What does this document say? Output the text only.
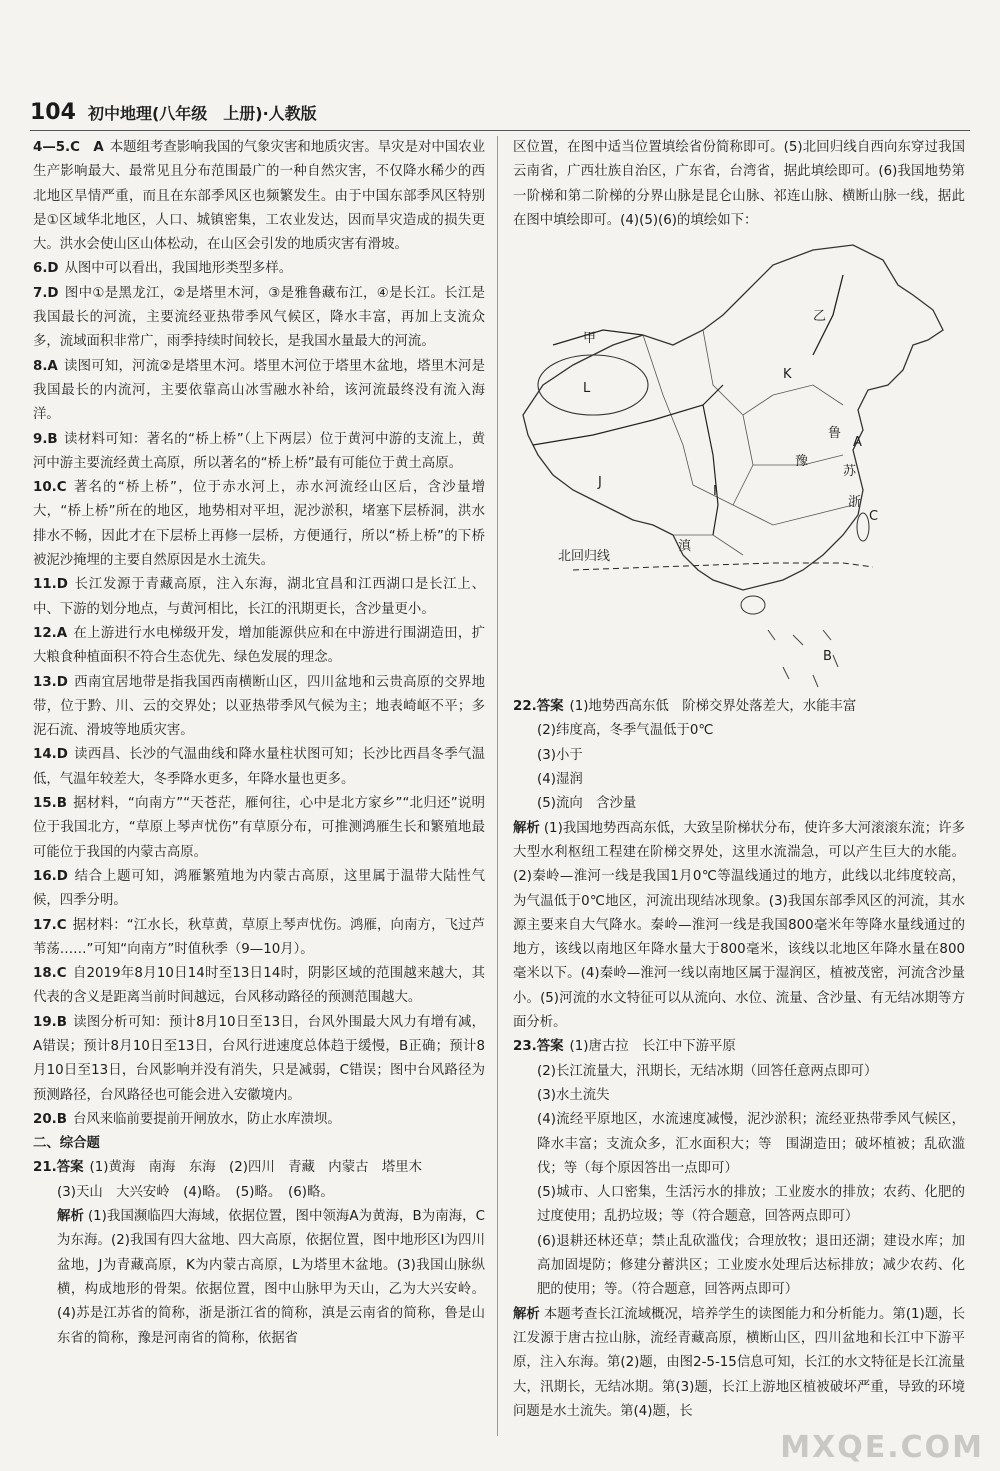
104 初中地理(八年级　上册)·人教版

4—5.C　A 本题组考查影响我国的气象灾害和地质灾害。旱灾是对中国农业生产影响最大、最常见且分布范围最广的一种自然灾害，不仅降水稀少的西北地区旱情严重，而且在东部季风区也频繁发生。由于中国东部季风区特别是①区域华北地区，人口、城镇密集，工农业发达，因而旱灾造成的损失更大。洪水会使山区山体松动，在山区会引发的地质灾害有滑坡。

6.D 从图中可以看出，我国地形类型多样。

7.D 图中①是黑龙江，②是塔里木河，③是雅鲁藏布江，④是长江。长江是我国最长的河流，主要流经亚热带季风气候区，降水丰富，再加上支流众多，流域面积非常广，雨季持续时间较长，是我国水量最大的河流。

8.A 读图可知，河流②是塔里木河。塔里木河位于塔里木盆地，塔里木河是我国最长的内流河，主要依靠高山冰雪融水补给，该河流最终没有流入海洋。

9.B 读材料可知：著名的“桥上桥”（上下两层）位于黄河中游的支流上，黄河中游主要流经黄土高原，所以著名的“桥上桥”最有可能位于黄土高原。

10.C 著名的“桥上桥”，位于赤水河上，赤水河流经山区后，含沙量增大，“桥上桥”所在的地区，地势相对平坦，泥沙淤积，堵塞下层桥洞，洪水排水不畅，因此才在下层桥上再修一层桥，方便通行，所以“桥上桥”的下桥被泥沙掩埋的主要自然原因是水土流失。

11.D 长江发源于青藏高原，注入东海，湖北宜昌和江西湖口是长江上、中、下游的划分地点，与黄河相比，长江的汛期更长，含沙量更小。

12.A 在上游进行水电梯级开发，增加能源供应和在中游进行围湖造田，扩大粮食种植面积不符合生态优先、绿色发展的理念。

13.D 西南宜居地带是指我国西南横断山区，四川盆地和云贵高原的交界地带，位于黔、川、云的交界处；以亚热带季风气候为主；地表崎岖不平；多泥石流、滑坡等地质灾害。

14.D 读西昌、长沙的气温曲线和降水量柱状图可知；长沙比西昌冬季气温低，气温年较差大，冬季降水更多，年降水量也更多。

15.B 据材料，“向南方”“天苍茫，雁何往，心中是北方家乡”“北归还”说明位于我国北方，“草原上琴声忧伤”有草原分布，可推测鸿雁生长和繁殖地最可能位于我国的内蒙古高原。

16.D 结合上题可知，鸿雁繁殖地为内蒙古高原，这里属于温带大陆性气候，四季分明。

17.C 据材料：“江水长，秋草黄，草原上琴声忧伤。鸿雁，向南方，飞过芦苇荡……”可知“向南方”时值秋季（9—10月）。

18.C 自2019年8月10日14时至13日14时，阴影区域的范围越来越大，其代表的含义是距离当前时间越远，台风移动路径的预测范围越大。

19.B 读图分析可知：预计8月10日至13日，台风外围最大风力有增有减，A错误；预计8月10日至13日，台风行进速度总体趋于缓慢，B正确；预计8月10日至13日，台风影响并没有消失，只是减弱，C错误；图中台风路径为预测路径，台风路径也可能会进入安徽境内。

20.B 台风来临前要提前开闸放水，防止水库溃坝。

二、综合题

21.答案 (1)黄海　南海　东海　(2)四川　青藏　内蒙古　塔里木

(3)天山　大兴安岭　(4)略。　(5)略。　(6)略。

解析 (1)我国濒临四大海域，依据位置，图中领海A为黄海，B为南海，C为东海。(2)我国有四大盆地、四大高原，依据位置，图中地形区I为四川盆地，J为青藏高原，K为内蒙古高原，L为塔里木盆地。(3)我国山脉纵横，构成地形的骨架。依据位置，图中山脉甲为天山，乙为大兴安岭。(4)苏是江苏省的简称，浙是浙江省的简称，滇是云南省的简称，鲁是山东省的简称，豫是河南省的简称，依据省

区位置，在图中适当位置填绘省份简称即可。(5)北回归线自西向东穿过我国云南省，广西壮族自治区，广东省，台湾省，据此填绘即可。(6)我国地势第一阶梯和第二阶梯的分界山脉是昆仑山脉、祁连山脉、横断山脉一线，据此在图中填绘即可。(4)(5)(6)的填绘如下：

甲
乙
L
K
J
I
A
B
C
鲁
豫
苏
浙
滇
北回归线

22.答案 (1)地势西高东低　阶梯交界处落差大，水能丰富

(2)纬度高，冬季气温低于0℃

(3)小于

(4)湿润

(5)流向　含沙量

解析 (1)我国地势西高东低，大致呈阶梯状分布，使许多大河滚滚东流；许多大型水利枢纽工程建在阶梯交界处，这里水流湍急，可以产生巨大的水能。(2)秦岭—淮河一线是我国1月0℃等温线通过的地方，此线以北纬度较高，为气温低于0℃地区，河流出现结冰现象。(3)我国东部季风区的河流，其水源主要来自大气降水。秦岭—淮河一线是我国800毫米年等降水量线通过的地方，该线以南地区年降水量大于800毫米，该线以北地区年降水量在800毫米以下。(4)秦岭—淮河一线以南地区属于湿润区，植被茂密，河流含沙量小。(5)河流的水文特征可以从流向、水位、流量、含沙量、有无结冰期等方面分析。

23.答案 (1)唐古拉　长江中下游平原

(2)长江流量大，汛期长，无结冰期（回答任意两点即可）

(3)水土流失

(4)流经平原地区，水流速度减慢，泥沙淤积；流经亚热带季风气候区，降水丰富；支流众多，汇水面积大；等　围湖造田；破坏植被；乱砍滥伐；等（每个原因答出一点即可）

(5)城市、人口密集，生活污水的排放；工业废水的排放；农药、化肥的过度使用；乱扔垃圾；等（符合题意，回答两点即可）

(6)退耕还林还草；禁止乱砍滥伐；合理放牧；退田还湖；建设水库；加高加固堤防；修建分蓄洪区；工业废水处理后达标排放；减少农药、化肥的使用；等。（符合题意，回答两点即可）

解析 本题考查长江流域概况，培养学生的读图能力和分析能力。第(1)题，长江发源于唐古拉山脉，流经青藏高原，横断山区，四川盆地和长江中下游平原，注入东海。第(2)题，由图2-5-15信息可知，长江的水文特征是长江流量大，汛期长，无结冰期。第(3)题，长江上游地区植被破坏严重，导致的环境问题是水土流失。第(4)题，长

MXQE.COM
